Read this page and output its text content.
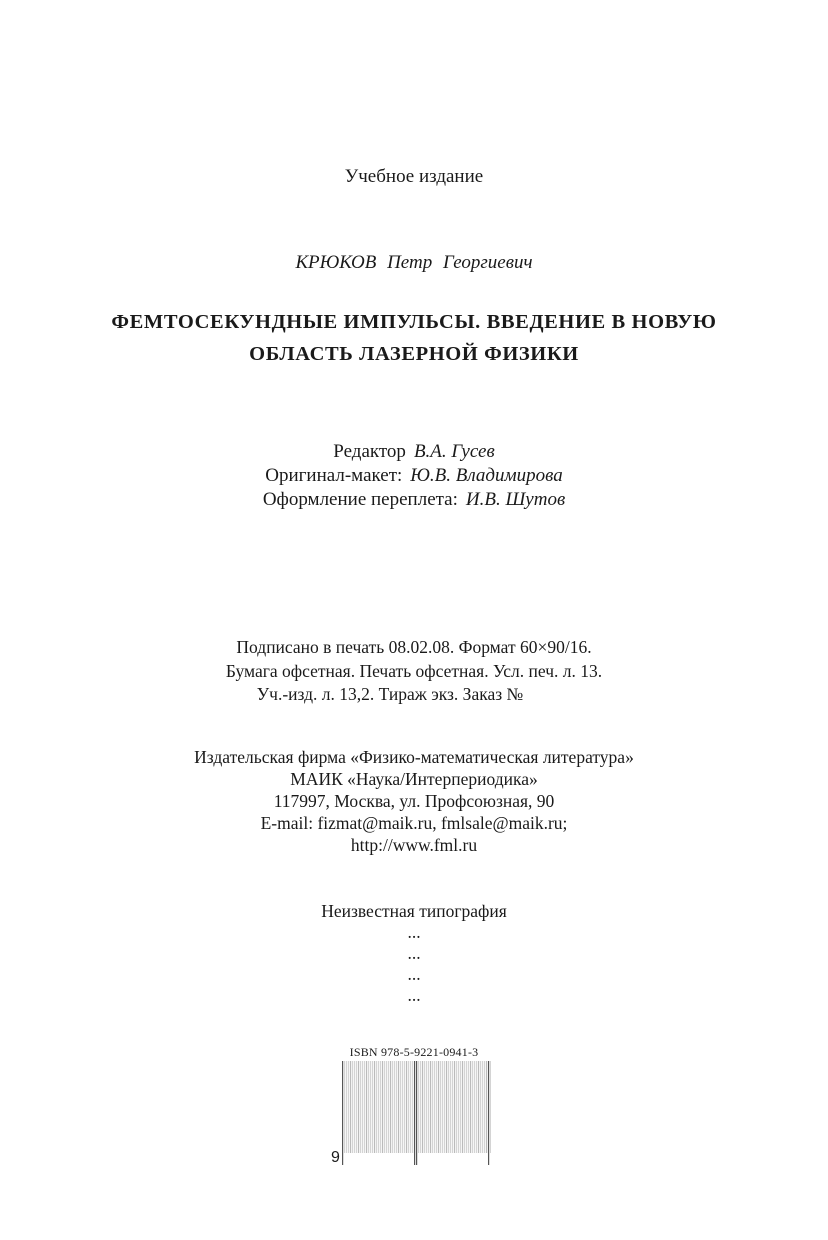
Учебное издание
КРЮКОВ Петр Георгиевич
ФЕМТОСЕКУНДНЫЕ ИМПУЛЬСЫ. ВВЕДЕНИЕ В НОВУЮ
ОБЛАСТЬ ЛАЗЕРНОЙ ФИЗИКИ
Редактор В.А. Гусев
Оригинал-макет: Ю.В. Владимирова
Оформление переплета: И.В. Шутов
Подписано в печать 08.02.08. Формат 60×90/16.
Бумага офсетная. Печать офсетная. Усл. печ. л. 13.
Уч.-изд. л. 13,2. Тираж экз. Заказ №
Издательская фирма «Физико-математическая литература»
МАИК «Наука/Интерпериодика»
117997, Москва, ул. Профсоюзная, 90
E-mail: fizmat@maik.ru, fmlsale@maik.ru;
http://www.fml.ru
Неизвестная типография
...
...
...
...
ISBN 978-5-9221-0941-3
9
